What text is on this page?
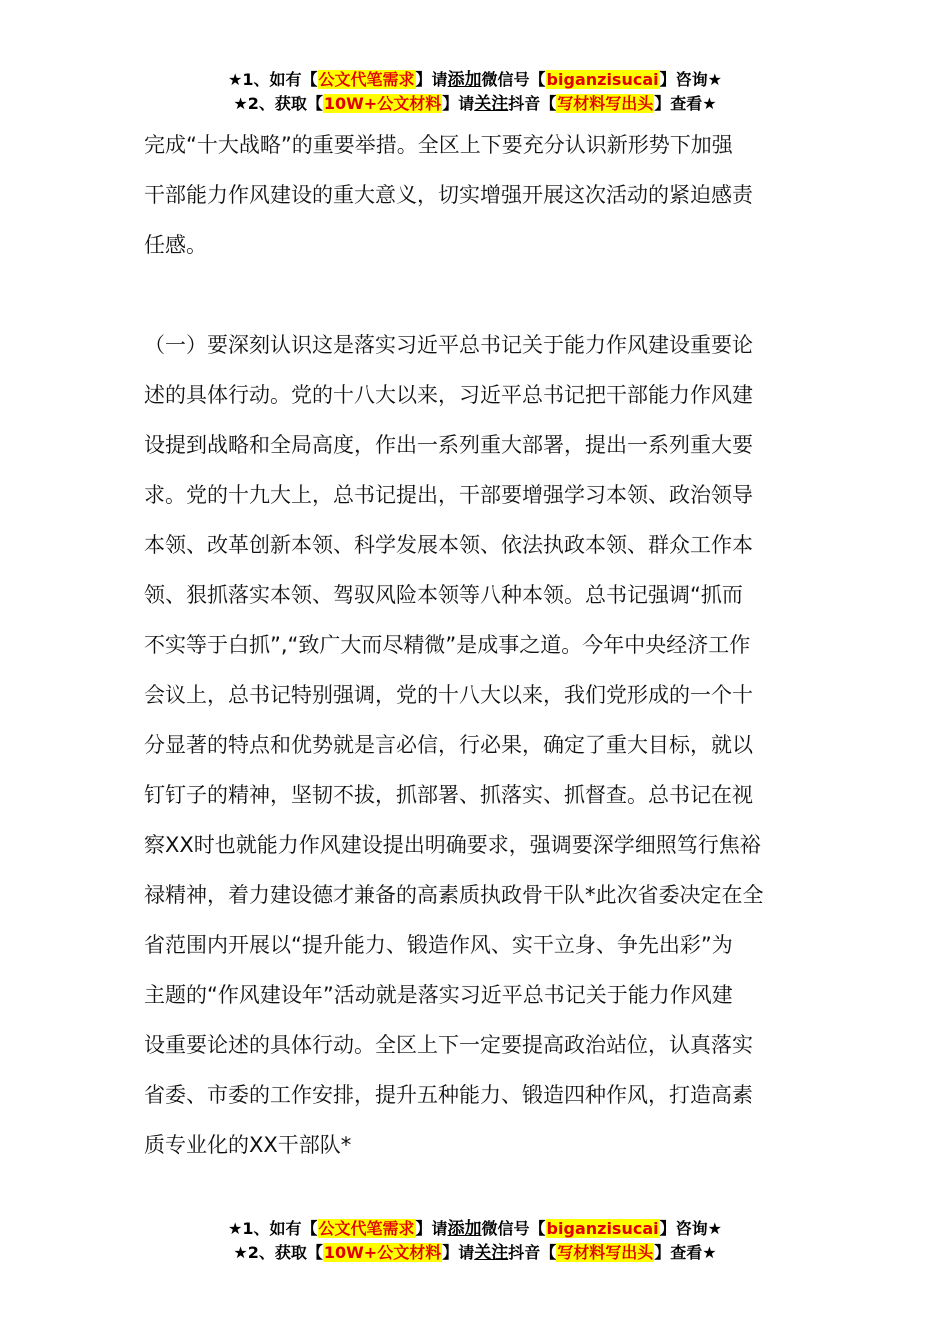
★1、如有【公文代笔需求】请添加微信号【biganzisucai】咨询★
★2、获取【10W+公文材料】请关注抖音【写材料写出头】查看★
完成“十大战略”的重要举措。全区上下要充分认识新形势下加强
干部能力作风建设的重大意义，切实增强开展这次活动的紧迫感责
任感。
（一）要深刻认识这是落实习近平总书记关于能力作风建设重要论
述的具体行动。党的十八大以来，习近平总书记把干部能力作风建
设提到战略和全局高度，作出一系列重大部署，提出一系列重大要
求。党的十九大上，总书记提出，干部要增强学习本领、政治领导
本领、改革创新本领、科学发展本领、依法执政本领、群众工作本
领、狠抓落实本领、驾驭风险本领等八种本领。总书记强调“抓而
不实等于白抓”,“致广大而尽精微”是成事之道。今年中央经济工作
会议上，总书记特别强调，党的十八大以来，我们党形成的一个十
分显著的特点和优势就是言必信，行必果，确定了重大目标，就以
钉钉子的精神，坚韧不拔，抓部署、抓落实、抓督查。总书记在视
察XX时也就能力作风建设提出明确要求，强调要深学细照笃行焦裕
禄精神，着力建设德才兼备的高素质执政骨干队*此次省委决定在全
省范围内开展以“提升能力、锻造作风、实干立身、争先出彩”为
主题的“作风建设年”活动就是落实习近平总书记关于能力作风建
设重要论述的具体行动。全区上下一定要提高政治站位，认真落实
省委、市委的工作安排，提升五种能力、锻造四种作风，打造高素
质专业化的XX干部队*
★1、如有【公文代笔需求】请添加微信号【biganzisucai】咨询★
★2、获取【10W+公文材料】请关注抖音【写材料写出头】查看★
